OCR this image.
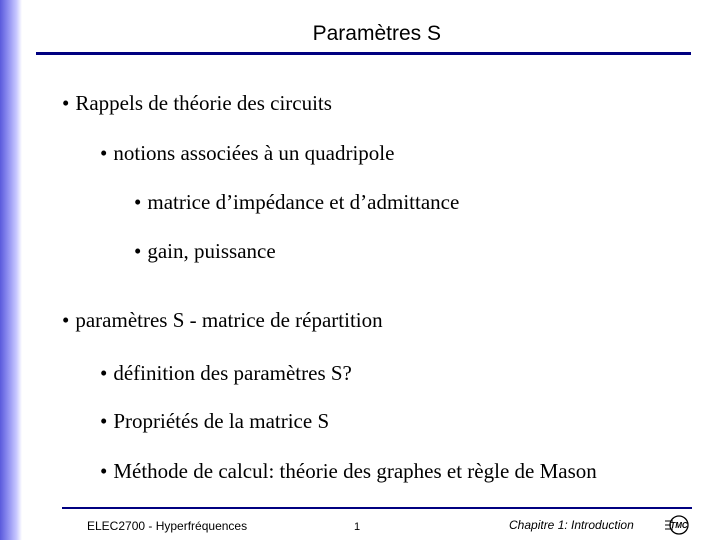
Paramètres S
• Rappels de théorie des circuits
• notions associées à un quadripole
• matrice d’impédance et d’admittance
• gain, puissance
• paramètres S - matrice de répartition
• définition des paramètres S?
• Propriétés de la matrice S
• Méthode de calcul: théorie des graphes et règle de Mason
ELEC2700 - Hyperfréquences	1	Chapitre 1: Introduction	TMC
